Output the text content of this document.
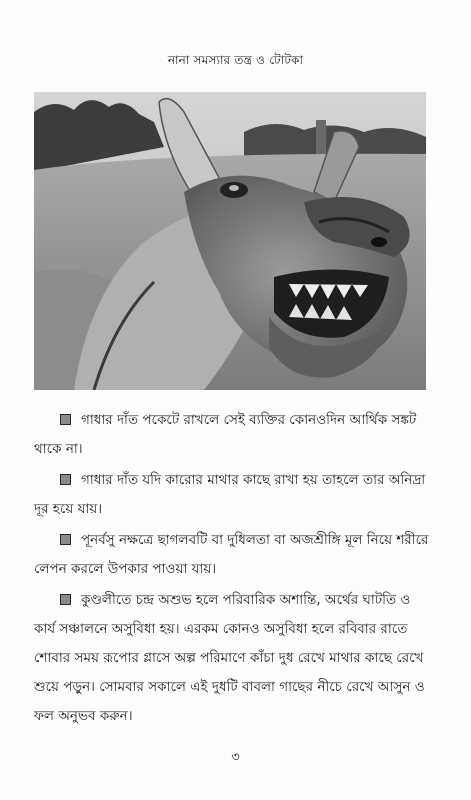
নানা সমস্যার তন্ত্র ও টোটকা

গাধার দাঁত পকেটে রাখলে সেই ব্যক্তির কোনওদিন আর্থিক সঙ্কট থাকে না।

গাধার দাঁত যদি কারোর মাথার কাছে রাখা হয় তাহলে তার অনিদ্রা দূর হয়ে যায়।

পূনর্বসু নক্ষত্রে ছাগলবটি বা দুধিলতা বা অজশ্রীঙ্গি মূল নিয়ে শরীরে লেপন করলে উপকার পাওয়া যায়।

কুণ্ডলীতে চন্দ্র অশুভ হলে পরিবারিক অশান্তি, অর্থের ঘাটতি ও কার্য সঞ্চালনে অসুবিধা হয়। এরকম কোনও অসুবিধা হলে রবিবার রাতে শোবার সময় রূপোর গ্লাসে অল্প পরিমাণে কাঁচা দুধ রেখে মাথার কাছে রেখে শুয়ে পড়ুন। সোমবার সকালে এই দুধটি বাবলা গাছের নীচে রেখে আসুন ও ফল অনুভব করুন।

৩
